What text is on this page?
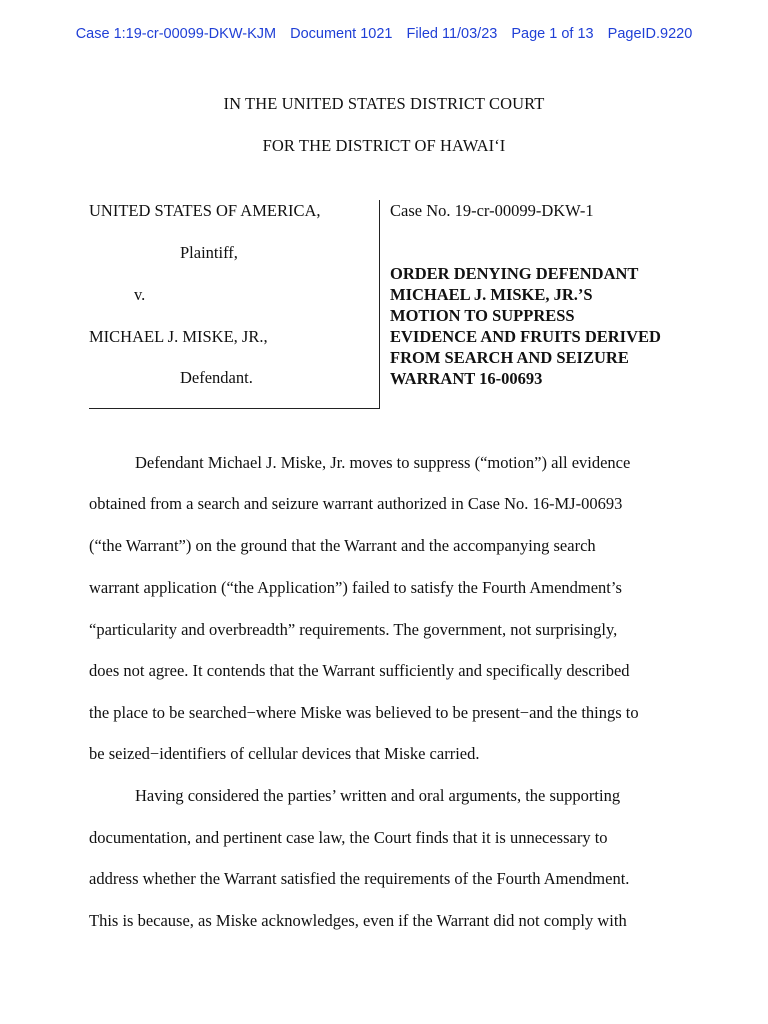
Case 1:19-cr-00099-DKW-KJM Document 1021 Filed 11/03/23 Page 1 of 13 PageID.9220
IN THE UNITED STATES DISTRICT COURT
FOR THE DISTRICT OF HAWAI‘I
UNITED STATES OF AMERICA,
Plaintiff,
v.
MICHAEL J. MISKE, JR.,
Defendant.
Case No. 19-cr-00099-DKW-1
ORDER DENYING DEFENDANT
MICHAEL J. MISKE, JR.’S
MOTION TO SUPPRESS
EVIDENCE AND FRUITS DERIVED
FROM SEARCH AND SEIZURE
WARRANT 16-00693
Defendant Michael J. Miske, Jr. moves to suppress (“motion”) all evidence
obtained from a search and seizure warrant authorized in Case No. 16-MJ-00693
(“the Warrant”) on the ground that the Warrant and the accompanying search
warrant application (“the Application”) failed to satisfy the Fourth Amendment’s
“particularity and overbreadth” requirements. The government, not surprisingly,
does not agree. It contends that the Warrant sufficiently and specifically described
the place to be searched−where Miske was believed to be present−and the things to
be seized−identifiers of cellular devices that Miske carried.
Having considered the parties’ written and oral arguments, the supporting
documentation, and pertinent case law, the Court finds that it is unnecessary to
address whether the Warrant satisfied the requirements of the Fourth Amendment.
This is because, as Miske acknowledges, even if the Warrant did not comply with
